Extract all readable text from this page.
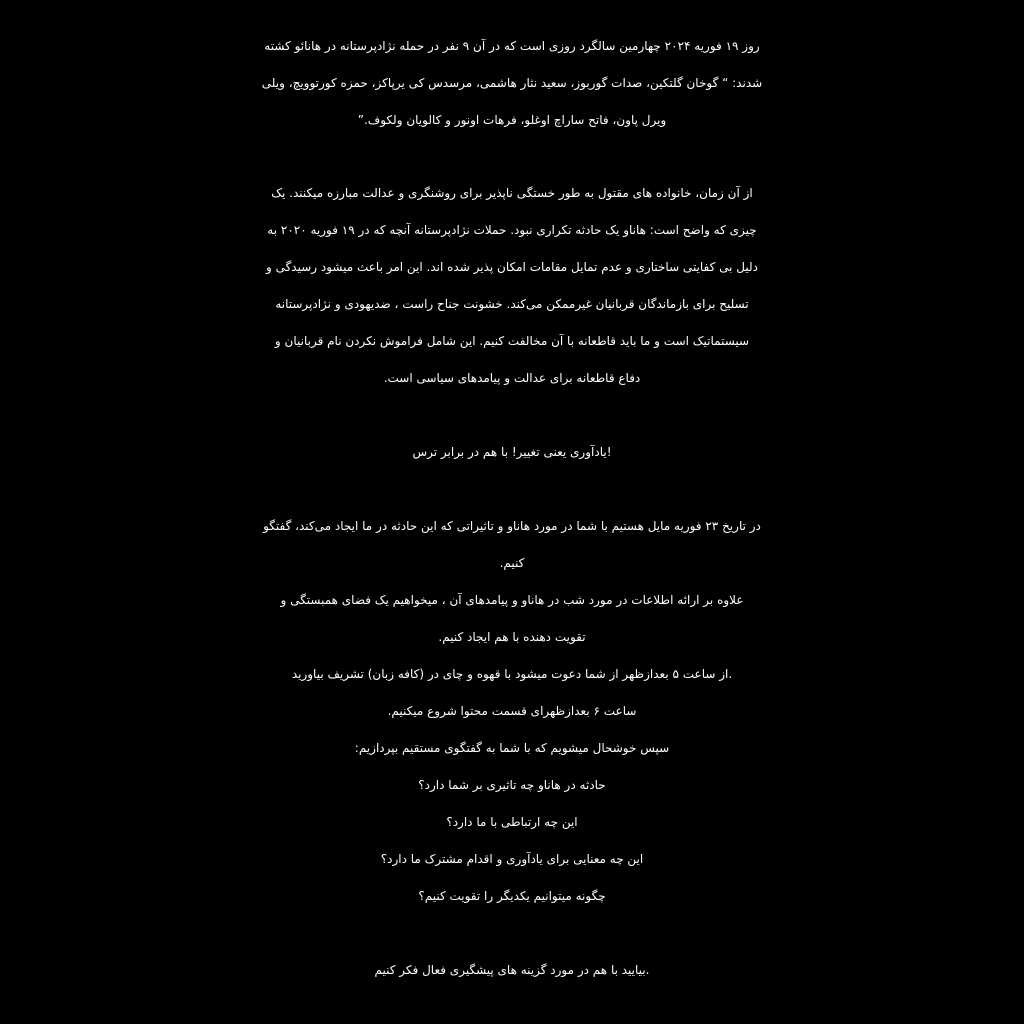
روز ۱۹ فوریه ۲۰۲۴ چهارمین سالگرد روزی است که در آن ۹ نفر در حمله نژادپرستانه در هانائو کشته
شدند: “ گوخان گلتکین، صدات گوربوز، سعید نثار هاشمی، مرسدس کی یرپاکز، حمزه کورتوویچ، ویلی
ویرل پاون، فاتح ساراچ اوغلو، فرهات اونور و کالویان ولکوف.”
از آن زمان، خانواده های مقتول به طور خستگی ناپذیر برای روشنگری و عدالت مبارزه میکنند. یک
چیزی که واضح است: هاناو یک حادثه تکراری نبود. حملات نژادپرستانه آنچه که در ۱۹ فوریه ۲۰۲۰ به
دلیل بی کفایتی ساختاری و عدم تمایل مقامات امکان پذیر شده اند. این امر باعث میشود رسیدگی و
تسلیح برای بازماندگان قربانیان غیرممکن می‌کند. خشونت جناح راست ، ضدیهودی و نژادپرستانه
سیستماتیک است و ما باید قاطعانه با آن مخالفت کنیم. این شامل فراموش نکردن نام قربانیان و
دفاع قاطعانه برای عدالت و پیامدهای سیاسی است.
!یادآوری یعنی تغییر! با هم در برابر ترس
در تاریخ ۲۳ فوریه مایل هستیم با شما در مورد هاناو و تاثیراتی که این حادثه در ما ایجاد می‌کند، گفتگو
کنیم.
علاوه بر ارائه اطلاعات در مورد شب در هاناو و پیامدهای آن ، میخواهیم یک فضای همبستگی و
تقویت دهنده با هم ایجاد کنیم.
.از ساعت ۵ بعدازظهر از شما دعوت میشود با قهوه و چای در (کافه زبان) تشریف بیاورید
ساعت ۶ بعدازظهرای قسمت محتوا شروع میکنیم.
سپس خوشحال میشویم که با شما به گفتگوی مستقیم بپردازیم:
حادثه در هاناو چه تاثیری بر شما دارد؟
این چه ارتباطی با ما دارد؟
این چه معنایی برای یادآوری و اقدام مشترک ما دارد؟
چگونه میتوانیم یکدیگر را تقویت کنیم؟
.بیایید با هم در مورد گزینه های پیشگیری فعال فکر کنیم
